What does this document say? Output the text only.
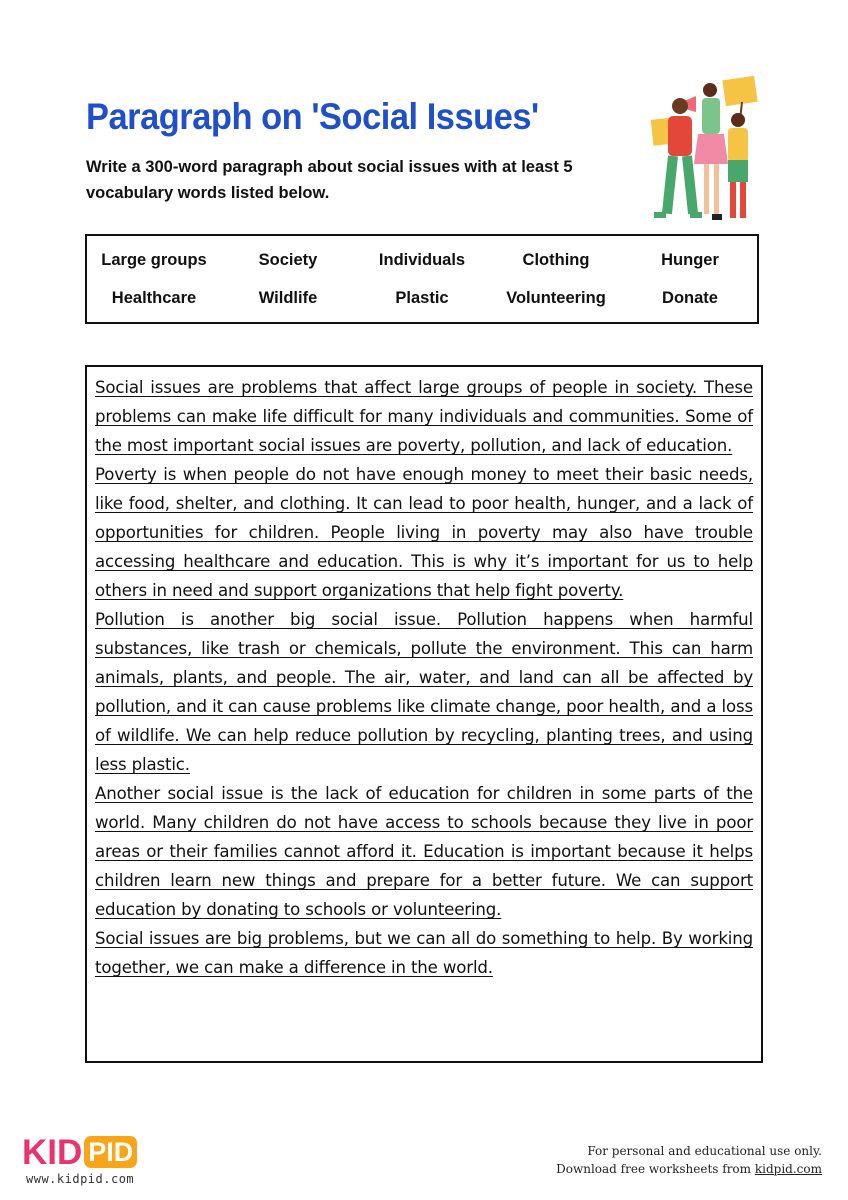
Paragraph on 'Social Issues'

Write a 300-word paragraph about social issues with at least 5 vocabulary words listed below.

Large groups	Society	Individuals	Clothing	Hunger
Healthcare	Wildlife	Plastic	Volunteering	Donate

Social issues are problems that affect large groups of people in society. These problems can make life difficult for many individuals and communities. Some of the most important social issues are poverty, pollution, and lack of education.

Poverty is when people do not have enough money to meet their basic needs, like food, shelter, and clothing. It can lead to poor health, hunger, and a lack of opportunities for children. People living in poverty may also have trouble accessing healthcare and education. This is why it’s important for us to help others in need and support organizations that help fight poverty.

Pollution is another big social issue. Pollution happens when harmful substances, like trash or chemicals, pollute the environment. This can harm animals, plants, and people. The air, water, and land can all be affected by pollution, and it can cause problems like climate change, poor health, and a loss of wildlife. We can help reduce pollution by recycling, planting trees, and using less plastic.

Another social issue is the lack of education for children in some parts of the world. Many children do not have access to schools because they live in poor areas or their families cannot afford it. Education is important because it helps children learn new things and prepare for a better future. We can support education by donating to schools or volunteering.

Social issues are big problems, but we can all do something to help. By working together, we can make a difference in the world.

KID PID
www.kidpid.com
For personal and educational use only.
Download free worksheets from kidpid.com
